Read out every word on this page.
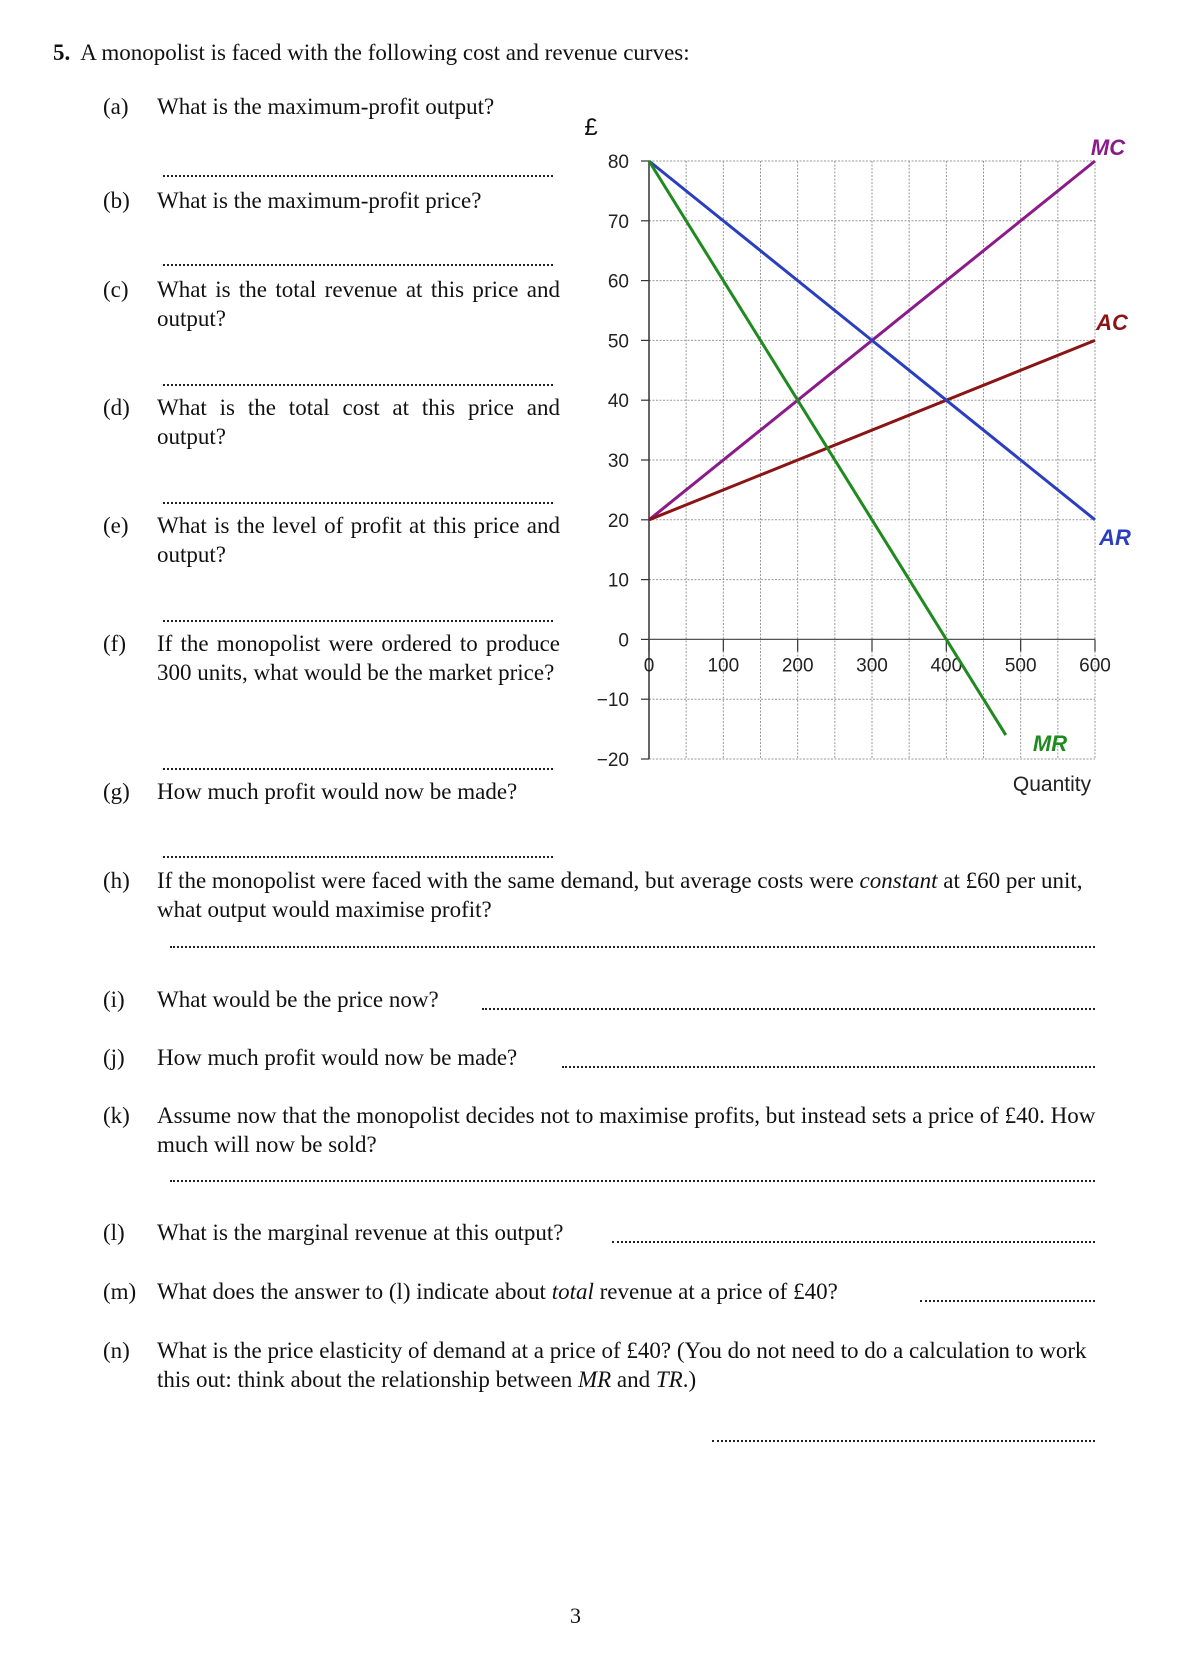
5. A monopolist is faced with the following cost and revenue curves:
(a) What is the maximum-profit output?
(b) What is the maximum-profit price?
(c) What is the total revenue at this price and output?
(d) What is the total cost at this price and output?
(e) What is the level of profit at this price and output?
(f) If the monopolist were ordered to produce 300 units, what would be the market price?
(g) How much profit would now be made?
(h) If the monopolist were faced with the same demand, but average costs were constant at £60 per unit, what output would maximise profit?
(i) What would be the price now?
(j) How much profit would now be made?
(k) Assume now that the monopolist decides not to maximise profits, but instead sets a price of £40. How much will now be sold?
(l) What is the marginal revenue at this output?
(m) What does the answer to (l) indicate about total revenue at a price of £40?
(n) What is the price elasticity of demand at a price of £40? (You do not need to do a calculation to work this out: think about the relationship between MR and TR.)
80
70
60
50
40
30
20
10
0
−10
−20
0	100 200 300 400 500 600
MC
AC
AR
MR
£
Quantity
3
